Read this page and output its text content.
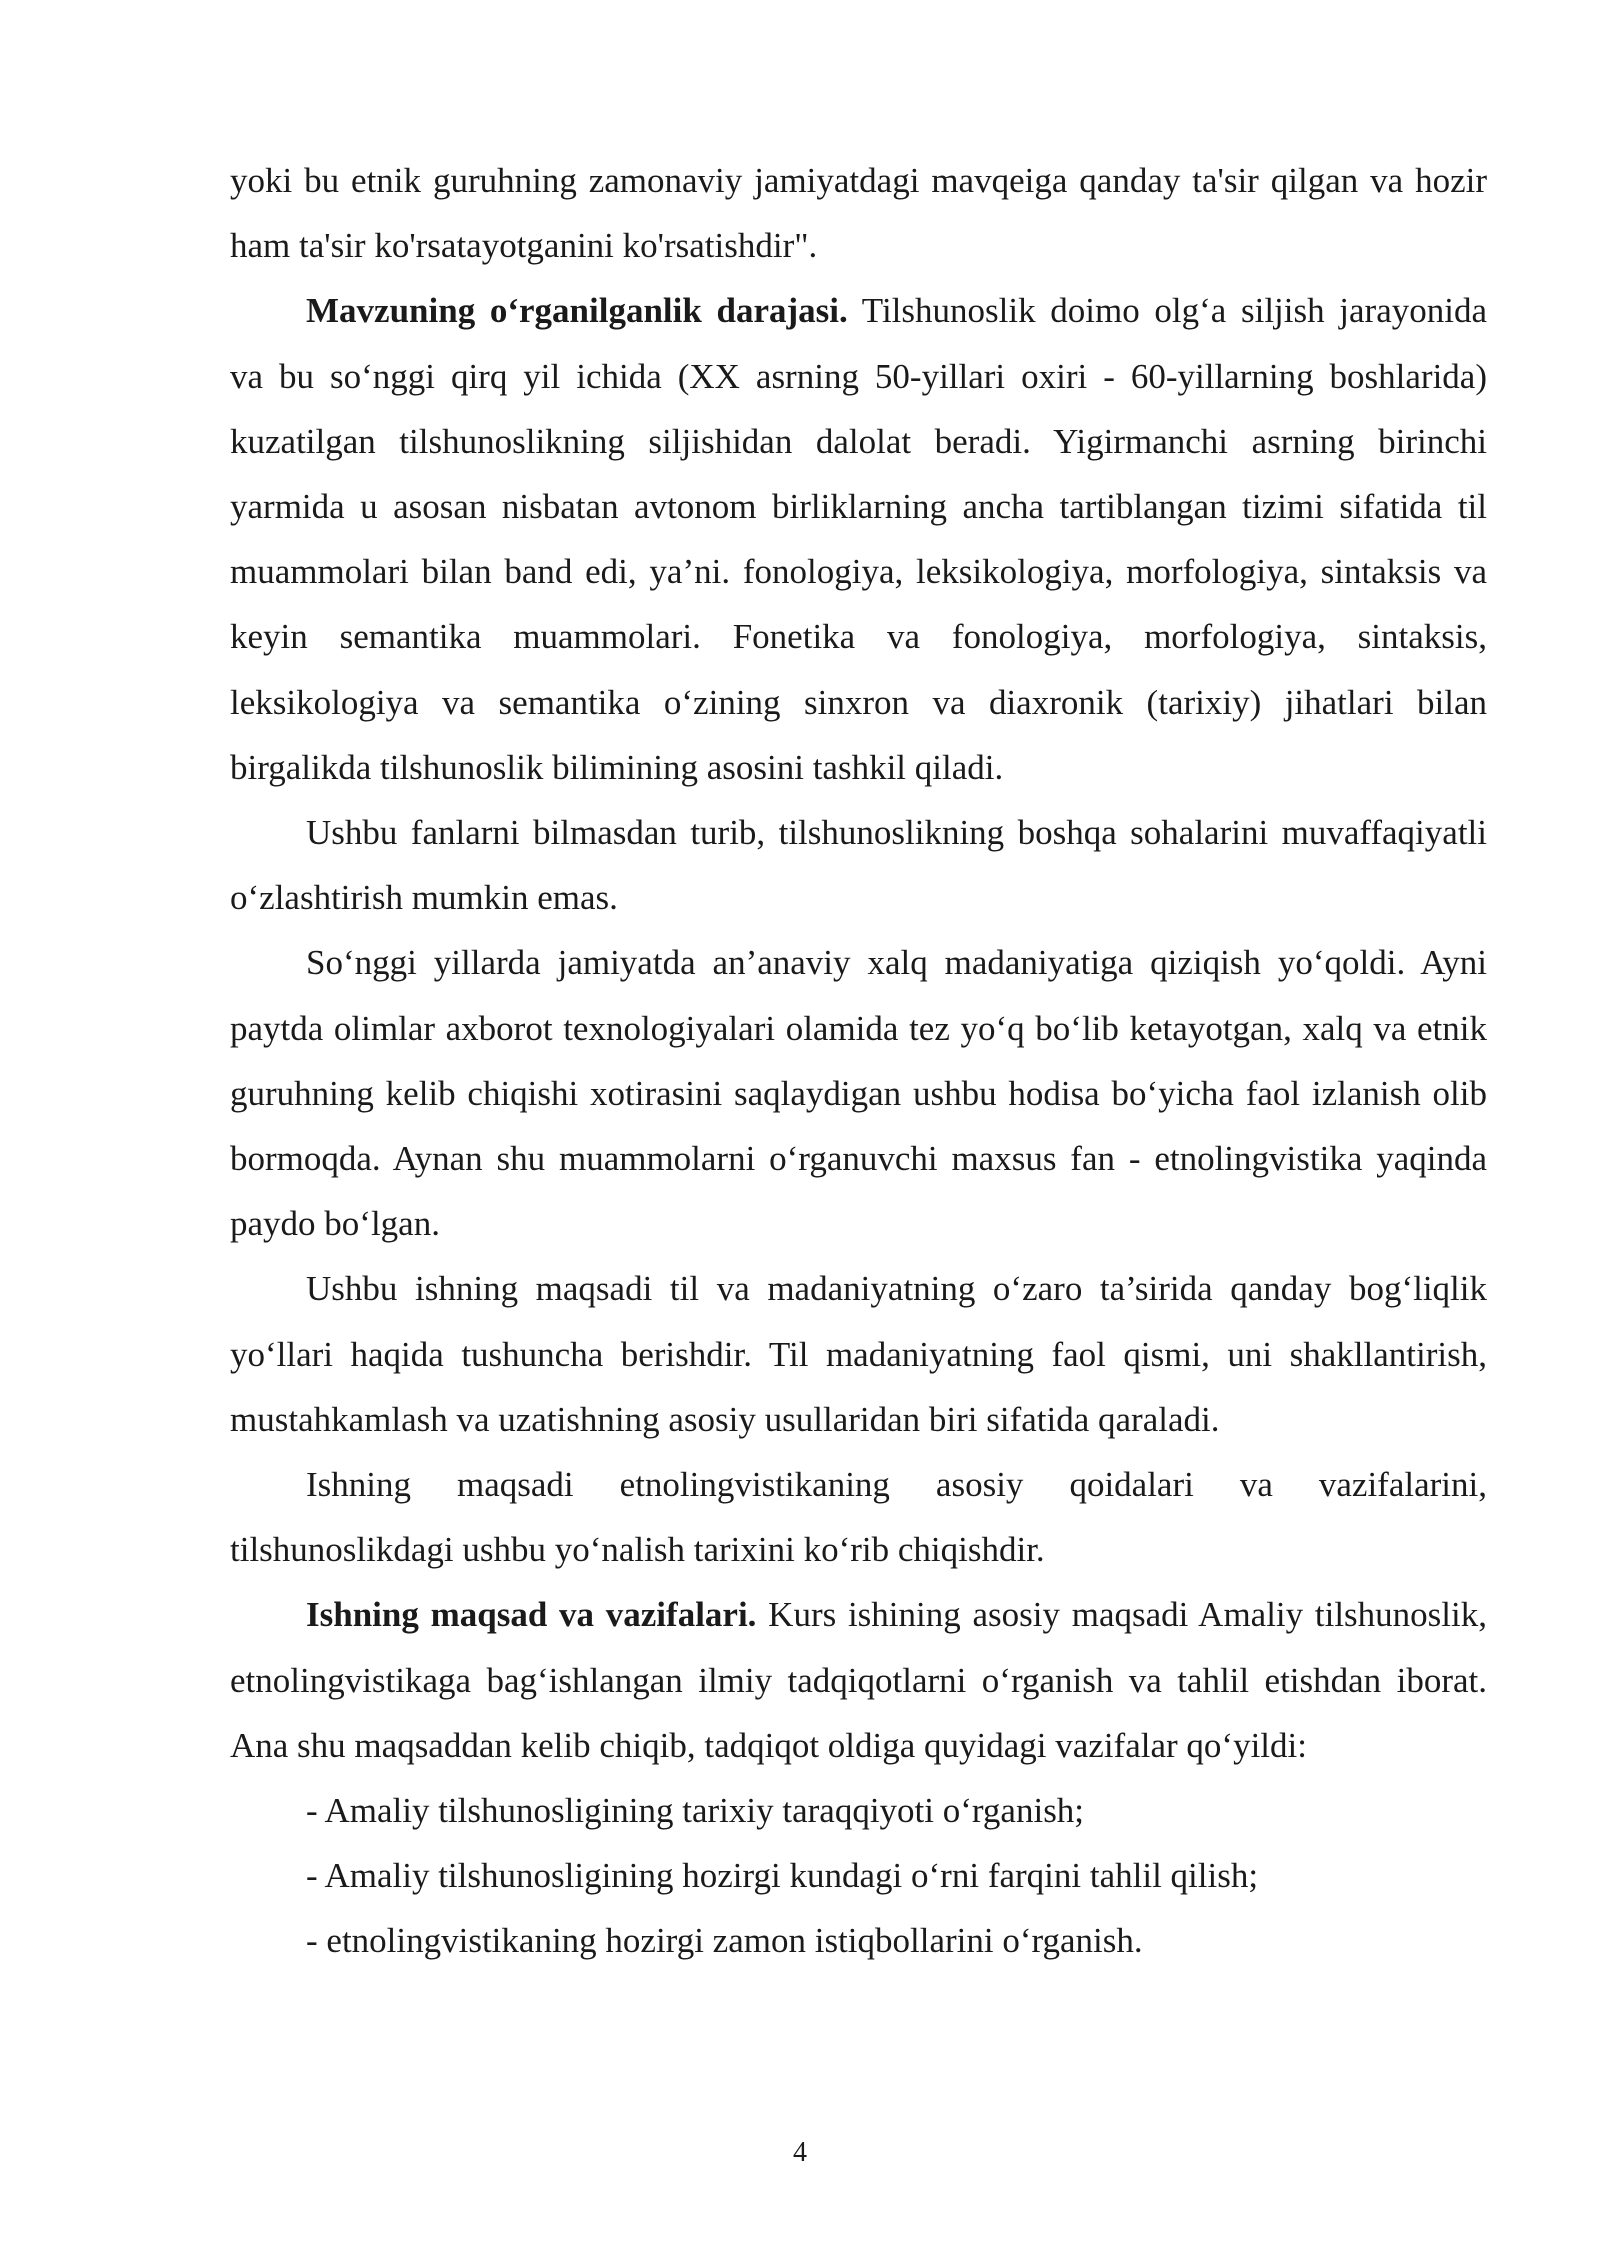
yoki bu etnik guruhning zamonaviy jamiyatdagi mavqeiga qanday ta'sir qilgan va hozir ham ta'sir ko'rsatayotganini ko'rsatishdir".

Mavzuning o‘rganilganlik darajasi. Tilshunoslik doimo olg‘a siljish jarayonida va bu so‘nggi qirq yil ichida (XX asrning 50-yillari oxiri - 60-yillarning boshlarida) kuzatilgan tilshunoslikning siljishidan dalolat beradi. Yigirmanchi asrning birinchi yarmida u asosan nisbatan avtonom birliklarning ancha tartiblangan tizimi sifatida til muammolari bilan band edi, ya’ni. fonologiya, leksikologiya, morfologiya, sintaksis va keyin semantika muammolari. Fonetika va fonologiya, morfologiya, sintaksis, leksikologiya va semantika o‘zining sinxron va diaxronik (tarixiy) jihatlari bilan birgalikda tilshunoslik bilimining asosini tashkil qiladi.

Ushbu fanlarni bilmasdan turib, tilshunoslikning boshqa sohalarini muvaffaqiyatli o‘zlashtirish mumkin emas.

So‘nggi yillarda jamiyatda an’anaviy xalq madaniyatiga qiziqish yo‘qoldi. Ayni paytda olimlar axborot texnologiyalari olamida tez yo‘q bo‘lib ketayotgan, xalq va etnik guruhning kelib chiqishi xotirasini saqlaydigan ushbu hodisa bo‘yicha faol izlanish olib bormoqda. Aynan shu muammolarni o‘rganuvchi maxsus fan - etnolingvistika yaqinda paydo bo‘lgan.

Ushbu ishning maqsadi til va madaniyatning o‘zaro ta’sirida qanday bog‘liqlik yo‘llari haqida tushuncha berishdir. Til madaniyatning faol qismi, uni shakllantirish, mustahkamlash va uzatishning asosiy usullaridan biri sifatida qaraladi.

Ishning maqsadi etnolingvistikaning asosiy qoidalari va vazifalarini, tilshunoslikdagi ushbu yo‘nalish tarixini ko‘rib chiqishdir.

Ishning maqsad va vazifalari. Kurs ishining asosiy maqsadi Amaliy tilshunoslik, etnolingvistikaga bag‘ishlangan ilmiy tadqiqotlarni o‘rganish va tahlil etishdan iborat. Ana shu maqsaddan kelib chiqib, tadqiqot oldiga quyidagi vazifalar qo‘yildi:

- Amaliy tilshunosligining tarixiy taraqqiyoti o‘rganish;

- Amaliy tilshunosligining hozirgi kundagi o‘rni farqini tahlil qilish;

- etnolingvistikaning hozirgi zamon istiqbollarini o‘rganish.

4
